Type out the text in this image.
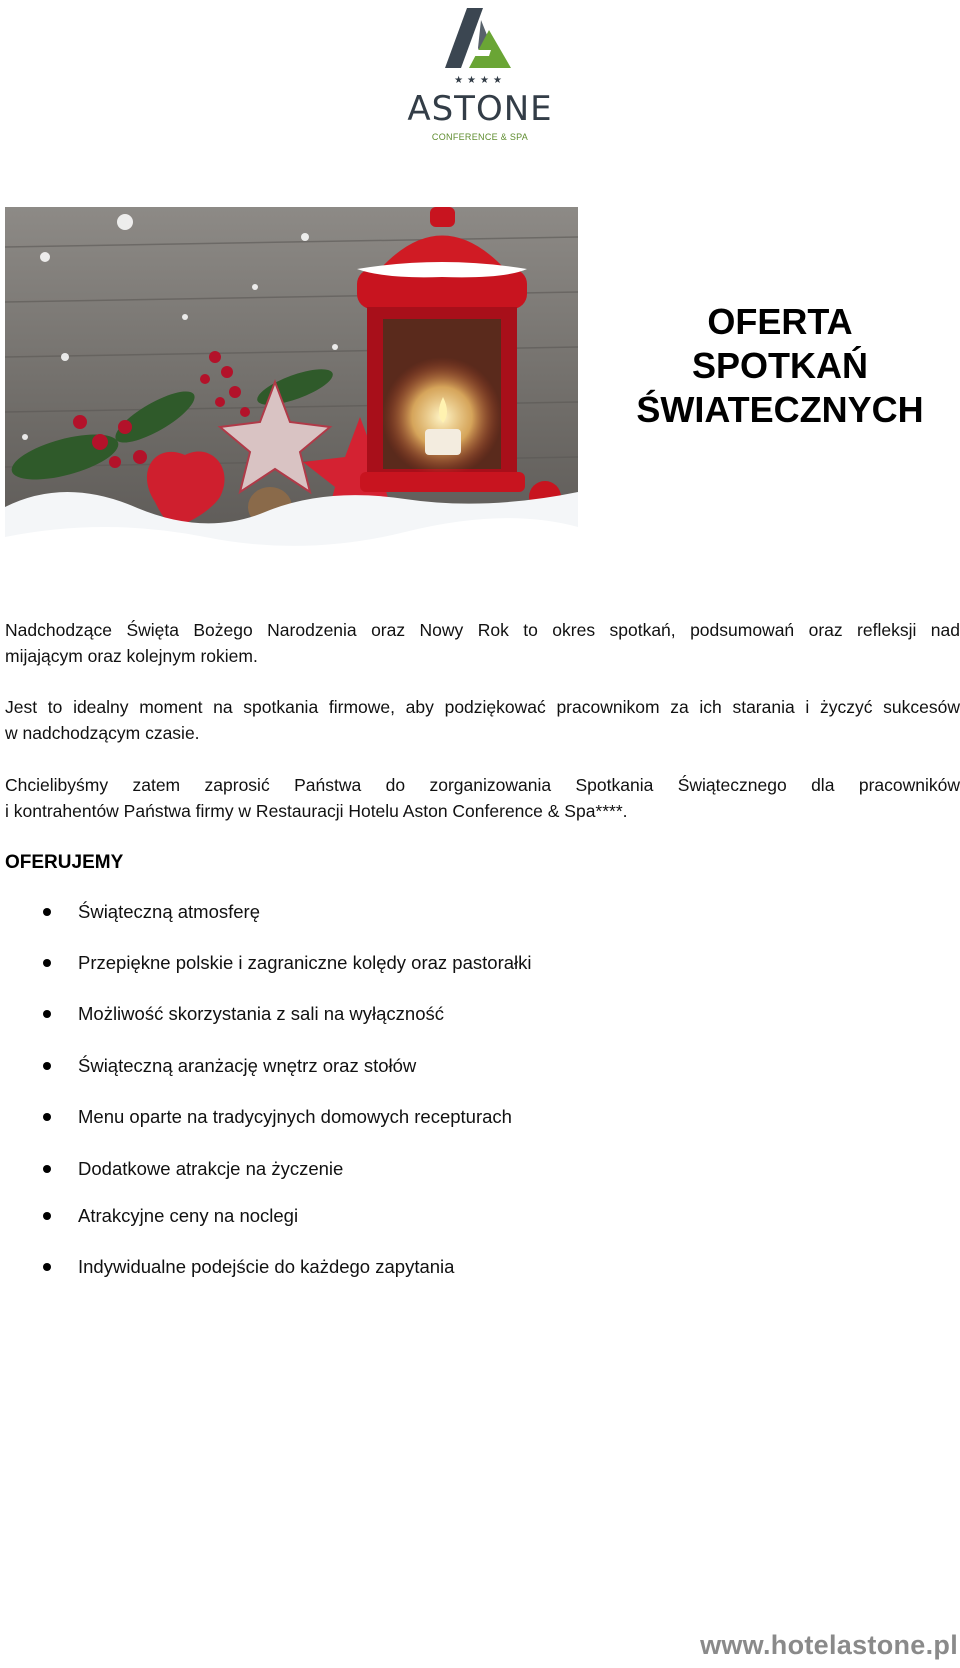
★★★★
ASTONE
CONFERENCE & SPA
OFERTA
SPOTKAŃ
ŚWIATECZNYCH
Nadchodzące Święta Bożego Narodzenia oraz Nowy Rok to okres spotkań, podsumowań oraz refleksji nad
mijającym oraz kolejnym rokiem.
Jest to idealny moment na spotkania firmowe, aby podziękować pracownikom za ich starania i życzyć sukcesów
w nadchodzącym czasie.
Chcielibyśmy zatem zaprosić Państwa do zorganizowania Spotkania Świątecznego dla pracowników
i kontrahentów Państwa firmy w Restauracji Hotelu Aston Conference & Spa****.
OFERUJEMY
Świąteczną atmosferę
Przepiękne polskie i zagraniczne kolędy oraz pastorałki
Możliwość skorzystania z sali na wyłączność
Świąteczną aranżację wnętrz oraz stołów
Menu oparte na tradycyjnych domowych recepturach
Dodatkowe atrakcje na życzenie
Atrakcyjne ceny na noclegi
Indywidualne podejście do każdego zapytania
www.hotelastone.pl
